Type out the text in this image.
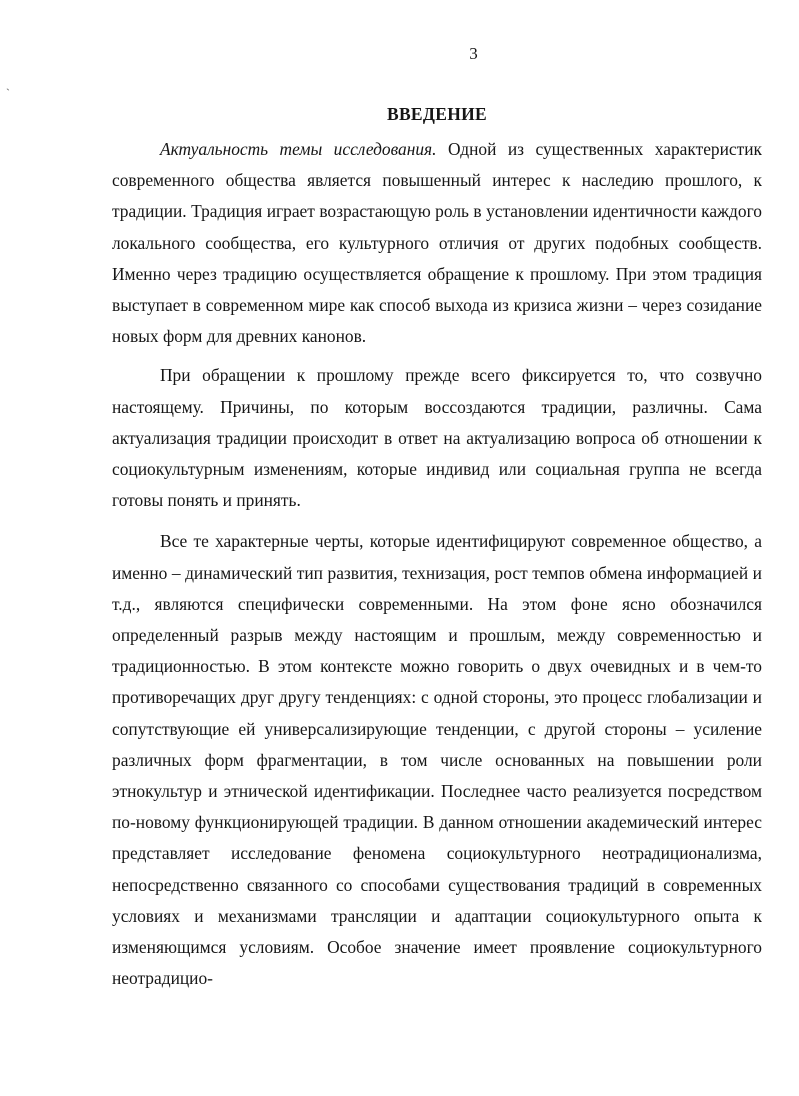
3
`
ВВЕДЕНИЕ

Актуальность темы исследования. Одной из существенных характеристик современного общества является повышенный интерес к наследию прошлого, к традиции. Традиция играет возрастающую роль в установлении идентичности каждого локального сообщества, его культурного отличия от других подобных сообществ. Именно через традицию осуществляется обращение к прошлому. При этом традиция выступает в современном мире как способ выхода из кризиса жизни – через созидание новых форм для древних канонов.

При обращении к прошлому прежде всего фиксируется то, что созвучно настоящему. Причины, по которым воссоздаются традиции, различны. Сама актуализация традиции происходит в ответ на актуализацию вопроса об отношении к социокультурным изменениям, которые индивид или социальная группа не всегда готовы понять и принять.

Все те характерные черты, которые идентифицируют современное общество, а именно – динамический тип развития, технизация, рост темпов обмена информацией и т.д., являются специфически современными. На этом фоне ясно обозначился определенный разрыв между настоящим и прошлым, между современностью и традиционностью. В этом контексте можно говорить о двух очевидных и в чем-то противоречащих друг другу тенденциях: с одной стороны, это процесс глобализации и сопутствующие ей универсализирующие тенденции, с другой стороны – усиление различных форм фрагментации, в том числе основанных на повышении роли этнокультур и этнической идентификации. Последнее часто реализуется посредством по-новому функционирующей традиции. В данном отношении академический интерес представляет исследование феномена социокультурного неотрадиционализма, непосредственно связанного со способами существования традиций в современных условиях и механизмами трансляции и адаптации социокультурного опыта к изменяющимся условиям. Особое значение имеет проявление социокультурного неотрадицио-
